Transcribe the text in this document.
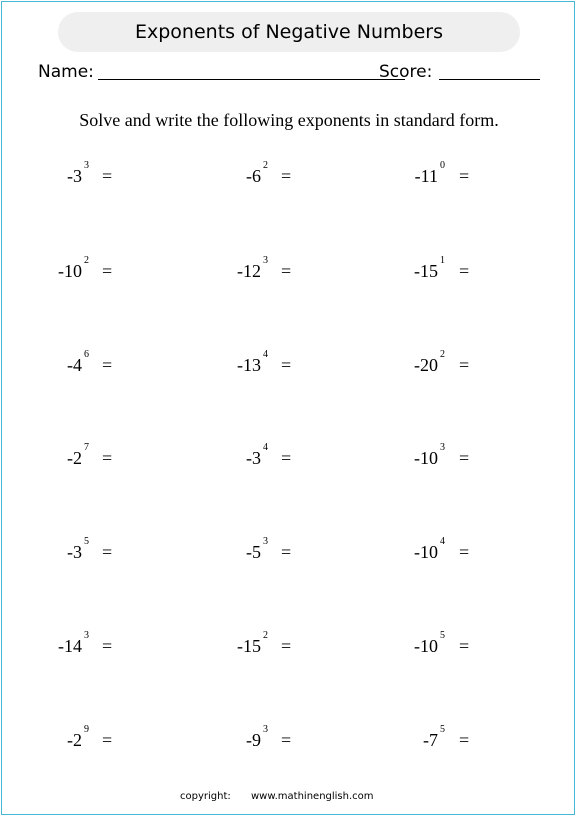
Exponents of Negative Numbers
Name:	Score:
Solve and write the following exponents in standard form.
-3
3
=	-6
2
=	-11
0
=
-10
2
=	-12
3
=	-15
1
=
-4
6
=	-13
4
=	-20
2
=
-2
7
=	-3
4
=	-10
3
=
-3
5
=	-5
3
=	-10
4
=
-14
3
=	-15
2
=	-10
5
=
-2
9
=	-9
3
=	-7
5
=
copyright: www.mathinenglish.com
